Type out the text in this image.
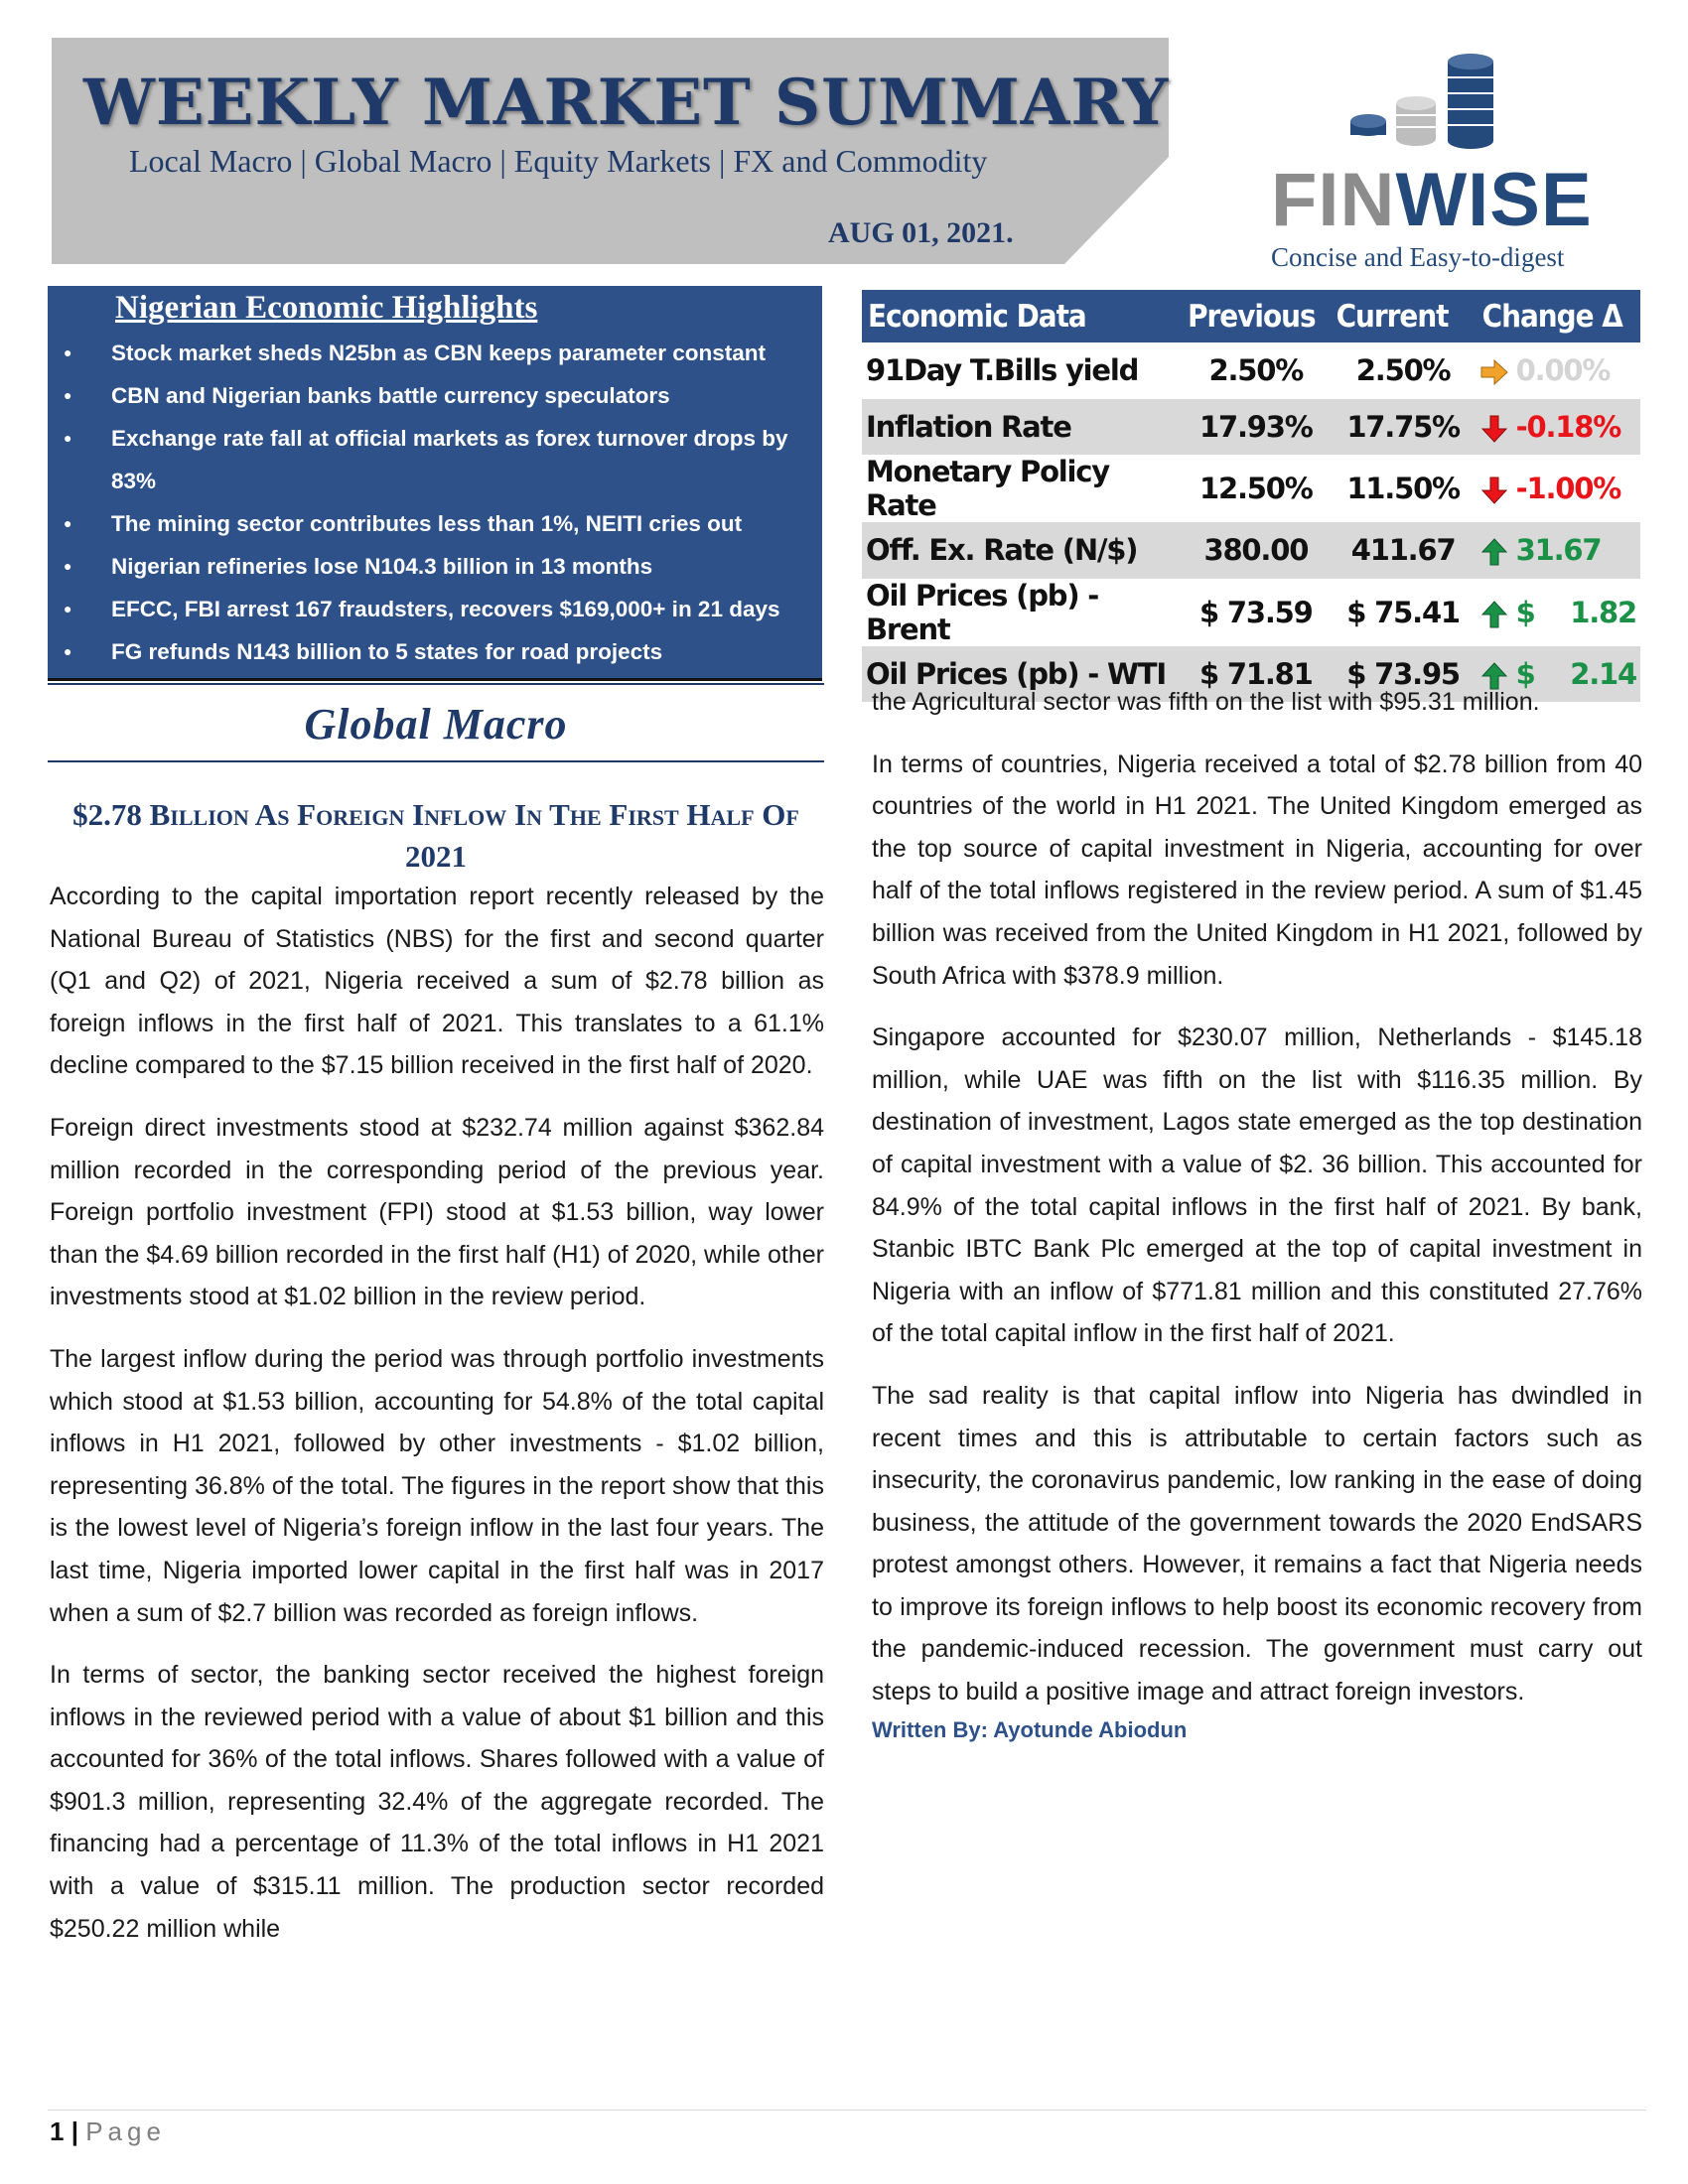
WEEKLY MARKET SUMMARY
Local Macro | Global Macro | Equity Markets | FX and Commodity
AUG 01, 2021.	FINWISE
Concise and Easy-to-digest
Nigerian Economic Highlights
● Stock market sheds N25bn as CBN keeps parameter constant
● CBN and Nigerian banks battle currency speculators
● Exchange rate fall at official markets as forex turnover drops by 83%
● The mining sector contributes less than 1%, NEITI cries out
● Nigerian refineries lose N104.3 billion in 13 months
● EFCC, FBI arrest 167 fraudsters, recovers $169,000+ in 21 days
● FG refunds N143 billion to 5 states for road projects
Economic Data	Previous	Current	Change Δ
91Day T.Bills yield	2.50%	2.50%	0.00%
Inflation Rate	17.93%	17.75%	-0.18%
Monetary Policy Rate	12.50%	11.50%	-1.00%
Off. Ex. Rate (N/$)	380.00	411.67	31.67
Oil Prices (pb) - Brent	$ 73.59	$ 75.41	$    1.82
Oil Prices (pb) - WTI	$ 71.81	$ 73.95	$    2.14
Global Macro
$2.78 Billion As Foreign Inflow In The First Half Of 2021

According to the capital importation report recently released by the National Bureau of Statistics (NBS) for the first and second quarter (Q1 and Q2) of 2021, Nigeria received a sum of $2.78 billion as foreign inflows in the first half of 2021. This translates to a 61.1% decline compared to the $7.15 billion received in the first half of 2020.

Foreign direct investments stood at $232.74 million against $362.84 million recorded in the corresponding period of the previous year. Foreign portfolio investment (FPI) stood at $1.53 billion, way lower than the $4.69 billion recorded in the first half (H1) of 2020, while other investments stood at $1.02 billion in the review period.

The largest inflow during the period was through portfolio investments which stood at $1.53 billion, accounting for 54.8% of the total capital inflows in H1 2021, followed by other investments - $1.02 billion, representing 36.8% of the total. The figures in the report show that this is the lowest level of Nigeria’s foreign inflow in the last four years. The last time, Nigeria imported lower capital in the first half was in 2017 when a sum of $2.7 billion was recorded as foreign inflows.

In terms of sector, the banking sector received the highest foreign inflows in the reviewed period with a value of about $1 billion and this accounted for 36% of the total inflows. Shares followed with a value of $901.3 million, representing 32.4% of the aggregate recorded. The financing had a percentage of 11.3% of the total inflows in H1 2021 with a value of $315.11 million. The production sector recorded $250.22 million while

the Agricultural sector was fifth on the list with $95.31 million.

In terms of countries, Nigeria received a total of $2.78 billion from 40 countries of the world in H1 2021. The United Kingdom emerged as the top source of capital investment in Nigeria, accounting for over half of the total inflows registered in the review period. A sum of $1.45 billion was received from the United Kingdom in H1 2021, followed by South Africa with $378.9 million.

Singapore accounted for $230.07 million, Netherlands - $145.18 million, while UAE was fifth on the list with $116.35 million. By destination of investment, Lagos state emerged as the top destination of capital investment with a value of $2. 36 billion. This accounted for 84.9% of the total capital inflows in the first half of 2021. By bank, Stanbic IBTC Bank Plc emerged at the top of capital investment in Nigeria with an inflow of $771.81 million and this constituted 27.76% of the total capital inflow in the first half of 2021.

The sad reality is that capital inflow into Nigeria has dwindled in recent times and this is attributable to certain factors such as insecurity, the coronavirus pandemic, low ranking in the ease of doing business, the attitude of the government towards the 2020 EndSARS protest amongst others. However, it remains a fact that Nigeria needs to improve its foreign inflows to help boost its economic recovery from the pandemic-induced recession. The government must carry out steps to build a positive image and attract foreign investors.

Written By: Ayotunde Abiodun
1 | Page
